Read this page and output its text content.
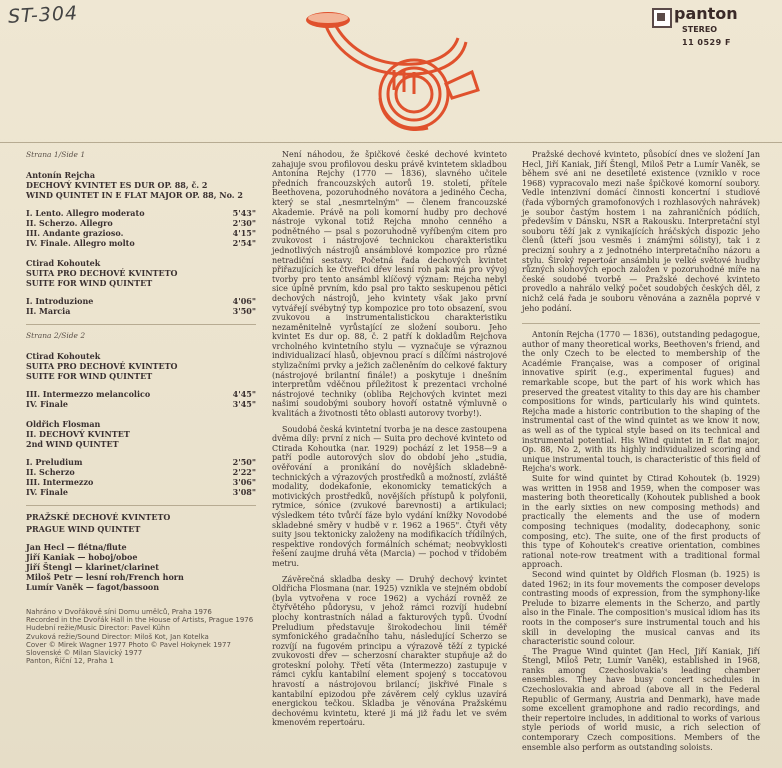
ST-304	panton
STEREO
11 0529 F
Strana 1/Side 1
Antonín Rejcha
DECHOVÝ KVINTET ES DUR OP. 88, č. 2
WIND QUINTET IN E FLAT MAJOR OP. 88, No. 2
I. Lento. Allegro moderato	5'43"
II. Scherzo. Allegro	2'30"
III. Andante grazioso.	4'15"
IV. Finale. Allegro molto	2'54"
Ctirad Kohoutek
SUITA PRO DECHOVÉ KVINTETO
SUITE FOR WIND QUINTET
I. Introduzione	4'06"
II. Marcia	3'50"
Strana 2/Side 2
Ctirad Kohoutek
SUITA PRO DECHOVÉ KVINTETO
SUITE FOR WIND QUINTET
III. Intermezzo melancolico	4'45"
IV. Finale	3'45"
Oldřich Flosman
II. DECHOVÝ KVINTET
2nd WIND QUINTET
I. Preludium	2'50"
II. Scherzo	2'22"
III. Intermezzo	3'06"
IV. Finale	3'08"
PRAŽSKÉ DECHOVÉ KVINTETO
PRAGUE WIND QUINTET
Jan Hecl — flétna/flute
Jiří Kaniak — hoboj/oboe
Jiří Štengl — klarinet/clarinet
Miloš Petr — lesní roh/French horn
Lumír Vaněk — fagot/bassoon
Nahráno v Dvořákově síni Domu umělců, Praha 1976
Recorded in the Dvořák Hall in the House of Artists, Prague 1976
Hudební režie/Music Director: Pavel Kühn
Zvuková režie/Sound Director: Miloš Kot, Jan Kotelka
Cover © Mirek Wagner 1977 Photo © Pavel Hokynek 1977
Slovenské © Milan Slavický 1977
Panton, Říční 12, Praha 1

Není náhodou, že špičkové české dechové kvinteto zahajuje svou profilovou desku právě kvintetem skladbou Antonína Rejchy (1770 — 1836), slavného učitele předních francouzských autorů 19. století, přítele Beethovena, pozoruhodného novátora a jediného Čecha, který se stal „nesmrtelným" — členem francouzské Akademie. Právě na poli komorní hudby pro dechové nástroje vykonal totiž Rejcha mnoho cenného a podnětného — psal s pozoruhodně vyříbeným citem pro zvukovost i nástrojové technickou charakteristiku jednotlivých nástrojů ansámblové kompozice pro různé netradiční sestavy. Početná řada dechových kvintet přiřazujících ke čtveřici dřev lesní roh pak má pro vývoj tvorby pro tento ansámbl klíčový význam: Rejcha nebyl sice úplně prvním, kdo psal pro takto seskupenou pětici dechových nástrojů, jeho kvintety však jako první vytvářejí svébytný typ kompozice pro toto obsazení, svou zvukovou a instrumentalistickou charakteristiku nezaměnitelně vyrůstající ze složení souboru. Jeho kvintet Es dur op. 88, č. 2 patří k dokladům Rejchova vrcholného kvintetního stylu — vyznačuje se výraznou individualizací hlasů, objevnou prací s dílčími nástrojové stylizačními prvky a ježich začleněním do celkové faktury (nástrojové brilantní finále!) a poskytuje i dnešním interpretům vděčnou příležitost k prezentaci vrcholné nástrojové techniky (obliba Rejchových kvintet mezi našimi soudobými soubory hovoří ostatně výmluvně o kvalitách a životnosti těto oblasti autorovy tvorby!).

Soudobá česká kvintetní tvorba je na desce zastoupena dvěma díly: první z nich — Suita pro dechové kvinteto od Ctirada Kohoutka (nar. 1929) pochází z let 1958—9 a patří podle autorových slov do období jeho „studia, ověřování a pronikání do novějších skladebně-technických a výrazových prostředků a možností, zvláště modality, dodekafonie, ekonomicky tematických a motivických prostředků, novějších přístupů k polyfonii, rytmice, sónice (zvukové barevnosti) a artikulaci; výsledkem této tvůrčí fáze bylo vydání knížky Novodobé skladebné směry v hudbě v r. 1962 a 1965". Čtyři věty suity jsou tektonicky založeny na modifikacích třídílných, respektive rondových formálních schémat; neobvyklosti řešení zaujme druhá věta (Marcia) — pochod v třídobém metru.

Závěrečná skladba desky — Druhý dechový kvintet Oldřicha Flosmana (nar. 1925) vznikla ve stejném období (byla vytvořena v roce 1962) a vychází rovněž ze čtyřvětého půdorysu, v jehož rámci rozvíjí hudební plochy kontrastních nálad a fakturových typů. Úvodní Preludium představuje širokodechou linii téměř symfonického gradačního tahu, následující Scherzo se rozvíjí na fugovém principu a výrazově těží z typické zvukovosti dřev — scherzosní charakter stupňuje až do groteskní polohy. Třetí věta (Intermezzo) zastupuje v rámci cyklu kantabilní element spojený s toccatovou hravostí a nástrojovou brilancí; jiskřivé Finale s kantabilní epizodou pře závěrem celý cyklus uzavírá energickou tečkou. Skladba je věnována Pražskému dechovému kvintetu, které ji má již řadu let ve svém kmenovém repertoáru.

Pražské dechové kvinteto, působící dnes ve složení Jan Hecl, Jiří Kaniak, Jiří Štengl, Miloš Petr a Lumír Vaněk, se během své ani ne desetileté existence (vzniklo v roce 1968) vypracovalo mezi naše špičkové komorní soubory. Vedle intenzivní domácí činnosti koncertní i studiové (řada výborných gramofonových i rozhlasových nahrávek) je soubor častým hostem i na zahraničních pódiích, především v Dánsku, NSR a Rakousku. Interpretační styl souboru těží jak z vynikajících hráčských dispozic jeho členů (kteří jsou vesměs i známými sólisty), tak i z precizní souhry a z jednotného interpretačního názoru a stylu. Široký repertoár ansámblu je velké světové hudby různých slohových epoch založen v pozoruhodné míře na české soudobé tvorbě — Pražské dechové kvinteto provedlo a nahrálo velký počet soudobých českých děl, z nichž celá řada je souboru věnována a zazněla poprvé v jeho podání.

Antonín Rejcha (1770 — 1836), outstanding pedagogue, author of many theoretical works, Beethoven's friend, and the only Czech to be elected to membership of the Académie Française, was a composer of original innovative spirit (e.g., experimental fugues) and remarkable scope, but the part of his work which has preserved the greatest vitality to this day are his chamber compositions for winds, particularly his wind quintets. Rejcha made a historic contribution to the shaping of the instrumental cast of the wind quintet as we know it now, as well as of the typical style based on its technical and instrumental potential. His Wind quintet in E flat major, Op. 88, No 2, with its highly individualized scoring and unique instrumental touch, is characteristic of this field of Rejcha's work.

Suite for wind quintet by Ctirad Kohoutek (b. 1929) was written in 1958 and 1959, when the composer was mastering both theoretically (Kohoutek published a book in the early sixties on new composing methods) and practically the elements and the use of modern composing techniques (modality, dodecaphony, sonic composing, etc). The suite, one of the first products of this type of Kohoutek's creative orientation, combines rational note-row treatment with a traditional formal approach.

Second wind quintet by Oldřich Flosman (b. 1925) is dated 1962; in its four movements the composer develops contrasting moods of expression, from the symphony-like Prelude to bizarre elements in the Scherzo, and partly also in the Finale. The composition's musical idiom has its roots in the composer's sure instrumental touch and his skill in developing the musical canvas and its characteristic sound colour.

The Prague Wind quintet (Jan Hecl, Jiří Kaniak, Jiří Štengl, Miloš Petr, Lumír Vaněk), established in 1968, ranks among Czechoslovakia's leading chamber ensembles. They have busy concert schedules in Czechoslovakia and abroad (above all in the Federal Republic of Germany, Austria and Denmark), have made some excellent gramophone and radio recordings, and their repertoire includes, in additional to works of various style periods of world music, a rich selection of contemporary Czech compositions. Members of the ensemble also perform as outstanding soloists.
